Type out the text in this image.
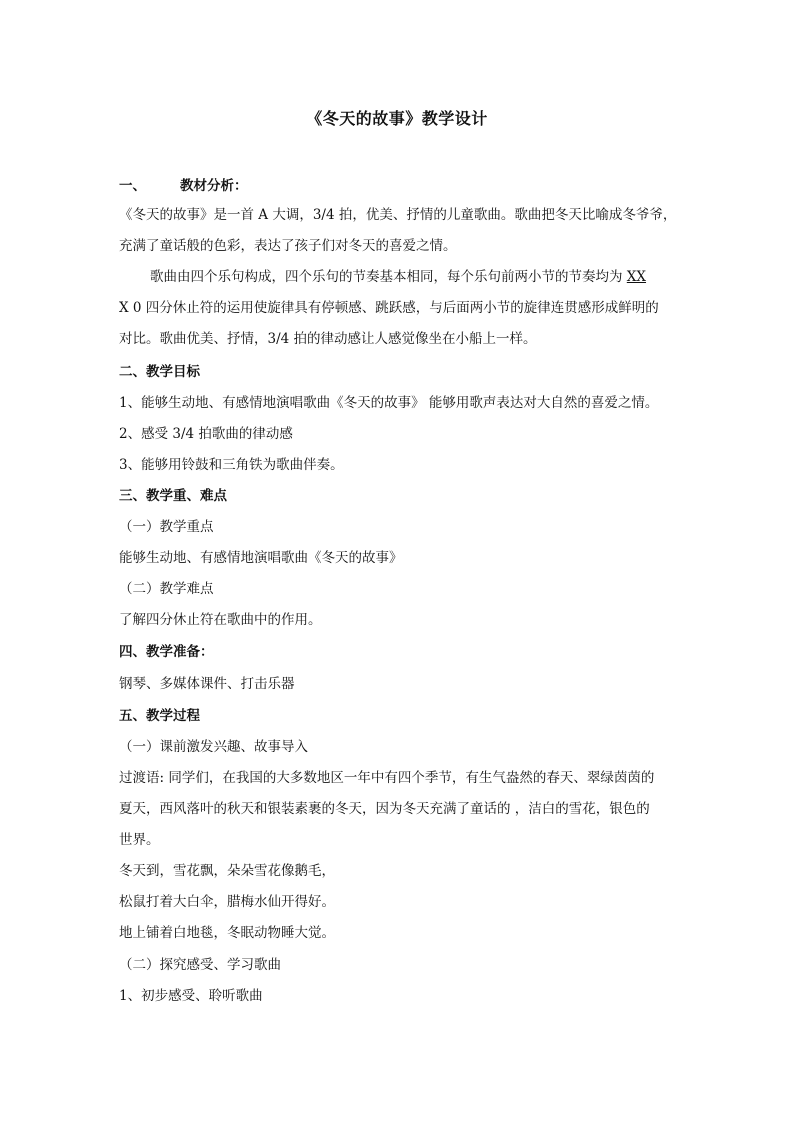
《冬天的故事》教学设计
一、	教材分析：
《冬天的故事》是一首 A 大调，3/4 拍，优美、抒情的儿童歌曲。歌曲把冬天比喻成冬爷爷，
充满了童话般的色彩，表达了孩子们对冬天的喜爱之情。
歌曲由四个乐句构成，四个乐句的节奏基本相同，每个乐句前两小节的节奏均为 XX
X 0 四分休止符的运用使旋律具有停顿感、跳跃感，与后面两小节的旋律连贯感形成鲜明的
对比。歌曲优美、抒情，3/4 拍的律动感让人感觉像坐在小船上一样。
二、教学目标
1、能够生动地、有感情地演唱歌曲《冬天的故事》 能够用歌声表达对大自然的喜爱之情。
2、感受 3/4 拍歌曲的律动感
3、能够用铃鼓和三角铁为歌曲伴奏。
三、教学重、难点
（一）教学重点
能够生动地、有感情地演唱歌曲《冬天的故事》
（二）教学难点
了解四分休止符在歌曲中的作用。
四、教学准备：
钢琴、多媒体课件、打击乐器
五、教学过程
（一）课前激发兴趣、故事导入
过渡语: 同学们，在我国的大多数地区一年中有四个季节，有生气盎然的春天、翠绿茵茵的
夏天，西风落叶的秋天和银装素裹的冬天，因为冬天充满了童话的 ，洁白的雪花，银色的
世界。
冬天到，雪花飘，朵朵雪花像鹅毛，
松鼠打着大白伞，腊梅水仙开得好。
地上铺着白地毯，冬眠动物睡大觉。
（二）探究感受、学习歌曲
1、初步感受、聆听歌曲
